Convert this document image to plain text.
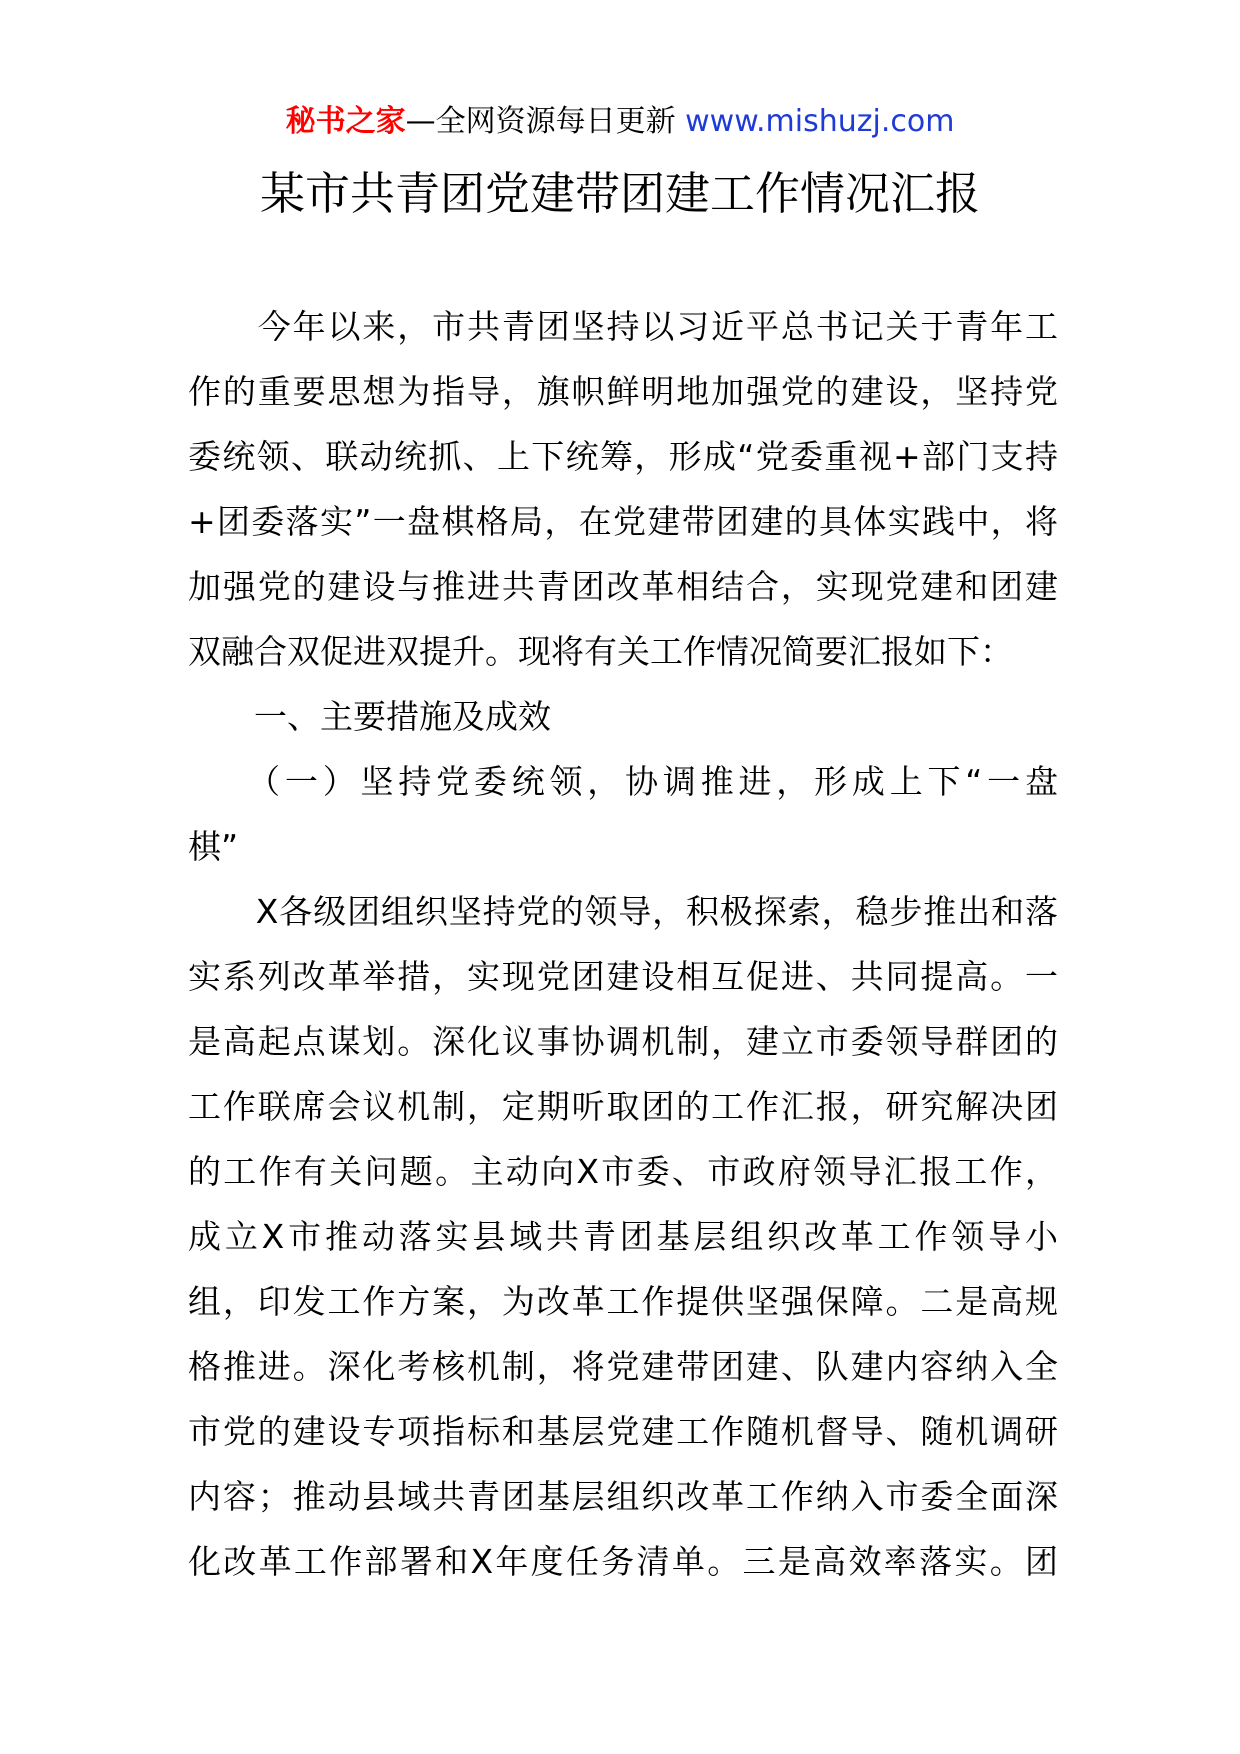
秘书之家—全网资源每日更新 www.mishuzj.com
某市共青团党建带团建工作情况汇报
　　今年以来，市共青团坚持以习近平总书记关于青年工
作的重要思想为指导，旗帜鲜明地加强党的建设，坚持党
委统领、联动统抓、上下统筹，形成“党委重视+部门支持
+团委落实”一盘棋格局，在党建带团建的具体实践中，将
加强党的建设与推进共青团改革相结合，实现党建和团建
双融合双促进双提升。现将有关工作情况简要汇报如下：
　　一、主要措施及成效
　　（一）坚持党委统领，协调推进，形成上下“一盘
棋”
　　X各级团组织坚持党的领导，积极探索，稳步推出和落
实系列改革举措，实现党团建设相互促进、共同提高。一
是高起点谋划。深化议事协调机制，建立市委领导群团的
工作联席会议机制，定期听取团的工作汇报，研究解决团
的工作有关问题。主动向X市委、市政府领导汇报工作，
成立X市推动落实县域共青团基层组织改革工作领导小
组，印发工作方案，为改革工作提供坚强保障。二是高规
格推进。深化考核机制，将党建带团建、队建内容纳入全
市党的建设专项指标和基层党建工作随机督导、随机调研
内容；推动县域共青团基层组织改革工作纳入市委全面深
化改革工作部署和X年度任务清单。三是高效率落实。团
